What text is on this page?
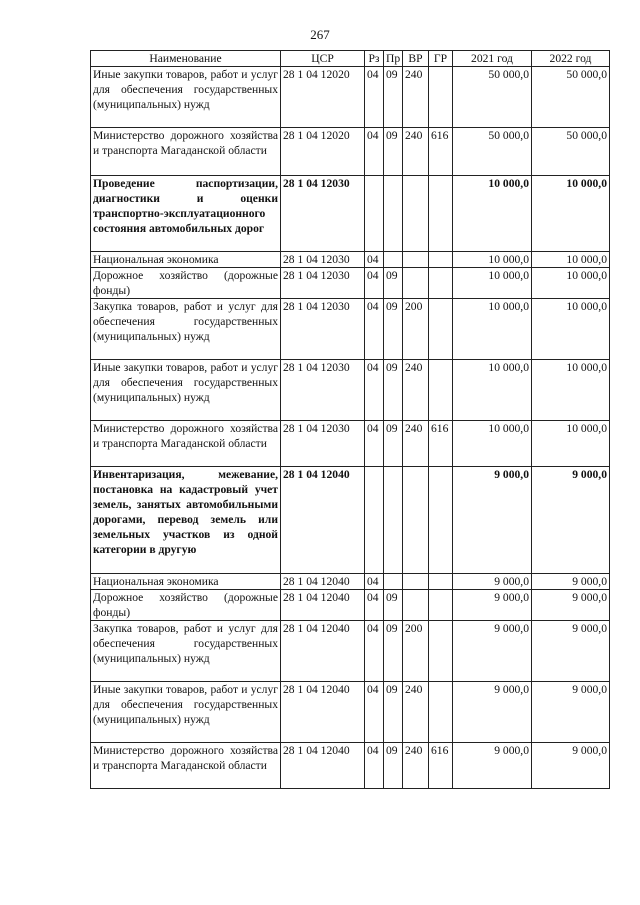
267
Наименование	ЦСР	Рз	Пр	ВР	ГР	2021 год	2022 год
Иные закупки товаров, работ и услуг для обеспечения государственных (муниципальных) нужд	28 1 04 12020	04	09	240		50 000,0	50 000,0
Министерство дорожного хозяйства и транспорта Магаданской области	28 1 04 12020	04	09	240	616	50 000,0	50 000,0
Проведение паспортизации, диагностики и оценки транспортно-эксплуатационного состояния автомобильных дорог	28 1 04 12030					10 000,0	10 000,0
Национальная экономика	28 1 04 12030	04				10 000,0	10 000,0
Дорожное хозяйство (дорожные фонды)	28 1 04 12030	04	09			10 000,0	10 000,0
Закупка товаров, работ и услуг для обеспечения государственных (муниципальных) нужд	28 1 04 12030	04	09	200		10 000,0	10 000,0
Иные закупки товаров, работ и услуг для обеспечения государственных (муниципальных) нужд	28 1 04 12030	04	09	240		10 000,0	10 000,0
Министерство дорожного хозяйства и транспорта Магаданской области	28 1 04 12030	04	09	240	616	10 000,0	10 000,0
Инвентаризация, межевание, постановка на кадастровый учет земель, занятых автомобильными дорогами, перевод земель или земельных участков из одной категории в другую	28 1 04 12040					9 000,0	9 000,0
Национальная экономика	28 1 04 12040	04				9 000,0	9 000,0
Дорожное хозяйство (дорожные фонды)	28 1 04 12040	04	09			9 000,0	9 000,0
Закупка товаров, работ и услуг для обеспечения государственных (муниципальных) нужд	28 1 04 12040	04	09	200		9 000,0	9 000,0
Иные закупки товаров, работ и услуг для обеспечения государственных (муниципальных) нужд	28 1 04 12040	04	09	240		9 000,0	9 000,0
Министерство дорожного хозяйства и транспорта Магаданской области	28 1 04 12040	04	09	240	616	9 000,0	9 000,0
